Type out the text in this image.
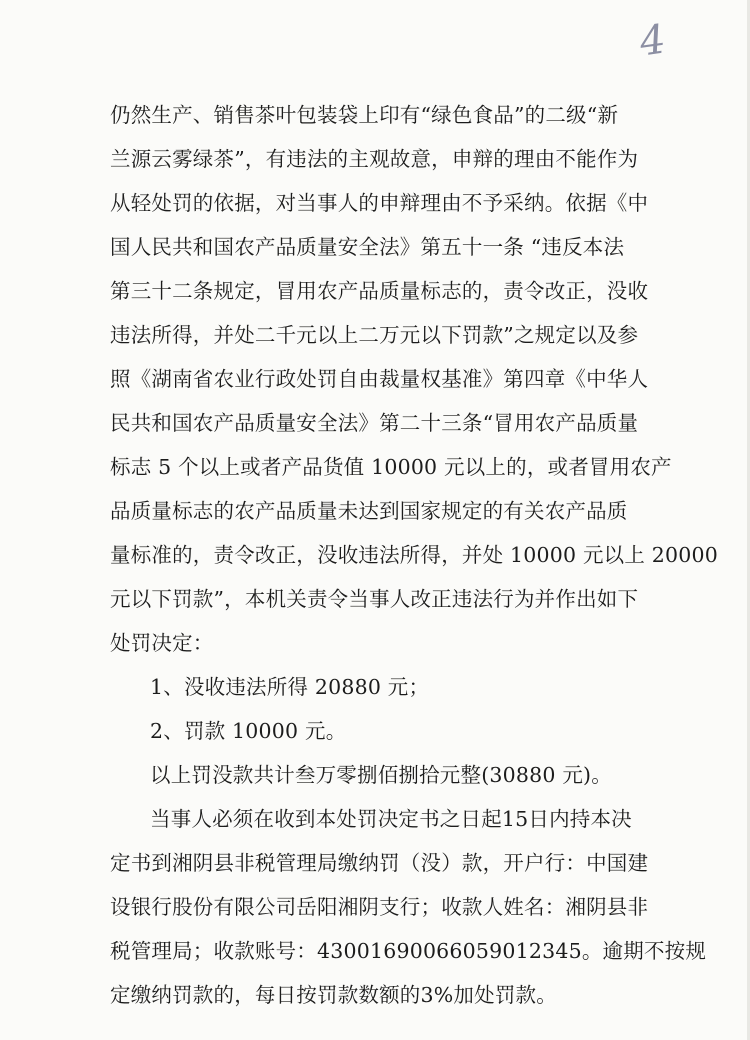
4
仍然生产、销售茶叶包装袋上印有“绿色食品”的二级“新
兰源云雾绿茶”，有违法的主观故意，申辩的理由不能作为
从轻处罚的依据，对当事人的申辩理由不予采纳。依据《中
国人民共和国农产品质量安全法》第五十一条 “违反本法
第三十二条规定，冒用农产品质量标志的，责令改正，没收
违法所得，并处二千元以上二万元以下罚款”之规定以及参
照《湖南省农业行政处罚自由裁量权基准》第四章《中华人
民共和国农产品质量安全法》第二十三条“冒用农产品质量
标志 5 个以上或者产品货值 10000 元以上的，或者冒用农产
品质量标志的农产品质量未达到国家规定的有关农产品质
量标准的，责令改正，没收违法所得，并处 10000 元以上 20000
元以下罚款”，本机关责令当事人改正违法行为并作出如下
处罚决定：
1、没收违法所得 20880 元；
2、罚款 10000 元。
以上罚没款共计叁万零捌佰捌拾元整(30880 元)。
当事人必须在收到本处罚决定书之日起15日内持本决
定书到湘阴县非税管理局缴纳罚（没）款，开户行：中国建
设银行股份有限公司岳阳湘阴支行；收款人姓名：湘阴县非
税管理局；收款账号：43001690066059012345。逾期不按规
定缴纳罚款的，每日按罚款数额的3%加处罚款。
